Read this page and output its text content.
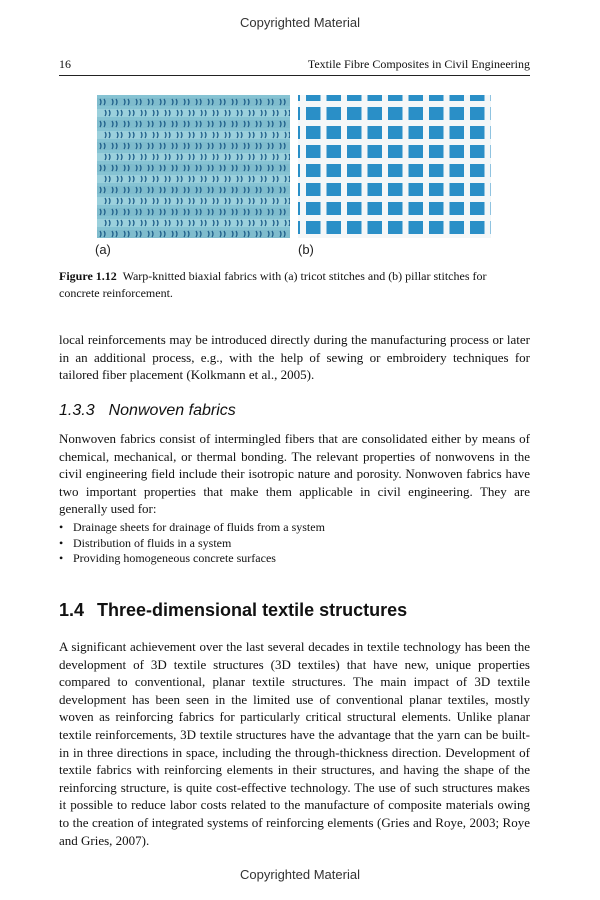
Copyrighted Material
16	Textile Fibre Composites in Civil Engineering
(a)	(b)

Figure 1.12 Warp-knitted biaxial fabrics with (a) tricot stitches and (b) pillar stitches for concrete reinforcement.

local reinforcements may be introduced directly during the manufacturing process or later in an additional process, e.g., with the help of sewing or embroidery techniques for tailored fiber placement (Kolkmann et al., 2005).

1.3.3 Nonwoven fabrics

Nonwoven fabrics consist of intermingled fibers that are consolidated either by means of chemical, mechanical, or thermal bonding. The relevant properties of nonwovens in the civil engineering field include their isotropic nature and porosity. Nonwoven fabrics have two important properties that make them applicable in civil engineering. They are generally used for:

• Drainage sheets for drainage of fluids from a system
• Distribution of fluids in a system
• Providing homogeneous concrete surfaces
1.4 Three-dimensional textile structures

A significant achievement over the last several decades in textile technology has been the development of 3D textile structures (3D textiles) that have new, unique properties compared to conventional, planar textile structures. The main impact of 3D textile development has been seen in the limited use of conventional planar textiles, mostly woven as reinforcing fabrics for particularly critical structural elements. Unlike planar textile reinforcements, 3D textile structures have the advantage that the yarn can be built-in in three directions in space, including the through-thickness direction. Development of textile fabrics with reinforcing elements in their structures, and having the shape of the reinforcing structure, is quite cost-effective technology. The use of such structures makes it possible to reduce labor costs related to the manufacture of composite materials owing to the creation of integrated systems of reinforcing elements (Gries and Roye, 2003; Roye and Gries, 2007).

Copyrighted Material
